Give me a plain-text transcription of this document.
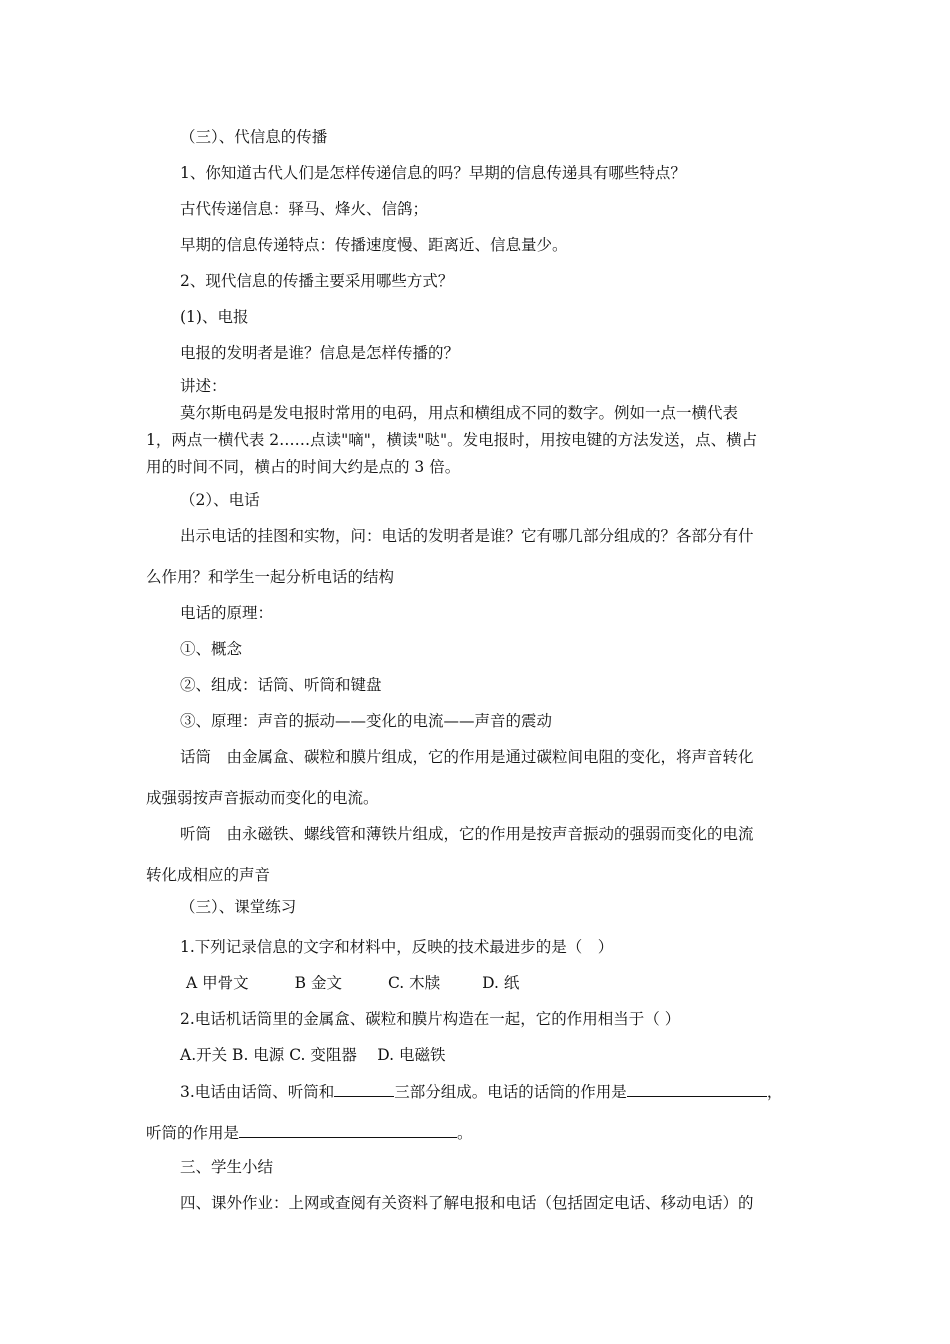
（三）、代信息的传播
1、你知道古代人们是怎样传递信息的吗？早期的信息传递具有哪些特点？
古代传递信息：驿马、烽火、信鸽；
早期的信息传递特点：传播速度慢、距离近、信息量少。
2、现代信息的传播主要采用哪些方式？
(1)、电报
电报的发明者是谁？信息是怎样传播的？
讲述：
莫尔斯电码是发电报时常用的电码，用点和横组成不同的数字。例如一点一横代表
1，两点一横代表 2……点读"嘀"，横读"哒"。发电报时，用按电键的方法发送，点、横占
用的时间不同，横占的时间大约是点的 3 倍。
（2）、电话
出示电话的挂图和实物，问：电话的发明者是谁？它有哪几部分组成的？各部分有什
么作用？和学生一起分析电话的结构
电话的原理：
①、概念
②、组成：话筒、听筒和键盘
③、原理：声音的振动——变化的电流——声音的震动
话筒　由金属盒、碳粒和膜片组成，它的作用是通过碳粒间电阻的变化，将声音转化
成强弱按声音振动而变化的电流。
听筒　由永磁铁、螺线管和薄铁片组成，它的作用是按声音振动的强弱而变化的电流
转化成相应的声音
（三）、课堂练习
1.下列记录信息的文字和材料中，反映的技术最进步的是（　）
A 甲骨文	B 金文	C. 木牍	D. 纸
2.电话机话筒里的金属盒、碳粒和膜片构造在一起，它的作用相当于（ ）
A.开关 B. 电源 C. 变阻器　 D. 电磁铁
3.电话由话筒、听筒和	三部分组成。电话的话筒的作用是	，
听筒的作用是	。
三、学生小结
四、课外作业：上网或查阅有关资料了解电报和电话（包括固定电话、移动电话）的
